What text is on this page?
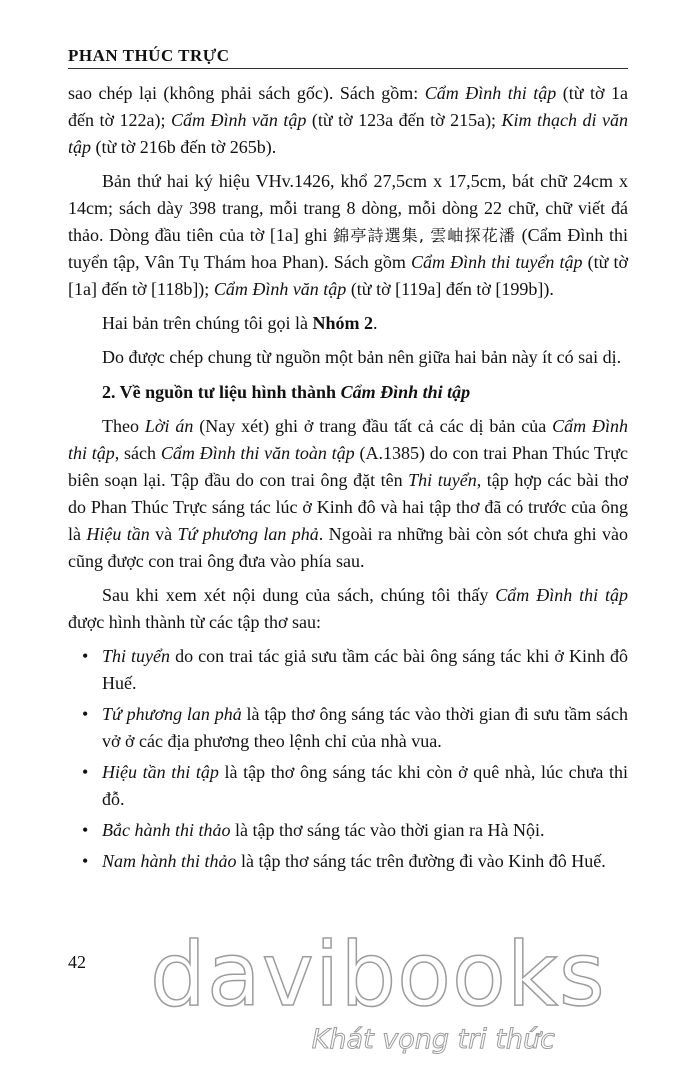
PHAN THÚC TRỰC

sao chép lại (không phải sách gốc). Sách gồm: Cẩm Đình thi tập (từ tờ 1a đến tờ 122a); Cẩm Đình văn tập (từ tờ 123a đến tờ 215a); Kim thạch di văn tập (từ tờ 216b đến tờ 265b).

Bản thứ hai ký hiệu VHv.1426, khổ 27,5cm x 17,5cm, bát chữ 24cm x 14cm; sách dày 398 trang, mỗi trang 8 dòng, mỗi dòng 22 chữ, chữ viết đá thảo. Dòng đầu tiên của tờ [1a] ghi 錦亭詩選集, 雲岫探花潘 (Cẩm Đình thi tuyển tập, Vân Tụ Thám hoa Phan). Sách gồm Cẩm Đình thi tuyển tập (từ tờ [1a] đến tờ [118b]); Cẩm Đình văn tập (từ tờ [119a] đến tờ [199b]).

Hai bản trên chúng tôi gọi là Nhóm 2.

Do được chép chung từ nguồn một bản nên giữa hai bản này ít có sai dị.

2. Về nguồn tư liệu hình thành Cẩm Đình thi tập

Theo Lời án (Nay xét) ghi ở trang đầu tất cả các dị bản của Cẩm Đình thi tập, sách Cẩm Đình thi văn toàn tập (A.1385) do con trai Phan Thúc Trực biên soạn lại. Tập đầu do con trai ông đặt tên Thi tuyển, tập hợp các bài thơ do Phan Thúc Trực sáng tác lúc ở Kinh đô và hai tập thơ đã có trước của ông là Hiệu tần và Tứ phương lan phả. Ngoài ra những bài còn sót chưa ghi vào cũng được con trai ông đưa vào phía sau.

Sau khi xem xét nội dung của sách, chúng tôi thấy Cẩm Đình thi tập được hình thành từ các tập thơ sau:

• Thi tuyển do con trai tác giả sưu tầm các bài ông sáng tác khi ở Kinh đô Huế.
• Tứ phương lan phả là tập thơ ông sáng tác vào thời gian đi sưu tầm sách vở ở các địa phương theo lệnh chỉ của nhà vua.
• Hiệu tần thi tập là tập thơ ông sáng tác khi còn ở quê nhà, lúc chưa thi đỗ.
• Bắc hành thi thảo là tập thơ sáng tác vào thời gian ra Hà Nội.
• Nam hành thi thảo là tập thơ sáng tác trên đường đi vào Kinh đô Huế.
42 davibooks
Khát vọng tri thức
